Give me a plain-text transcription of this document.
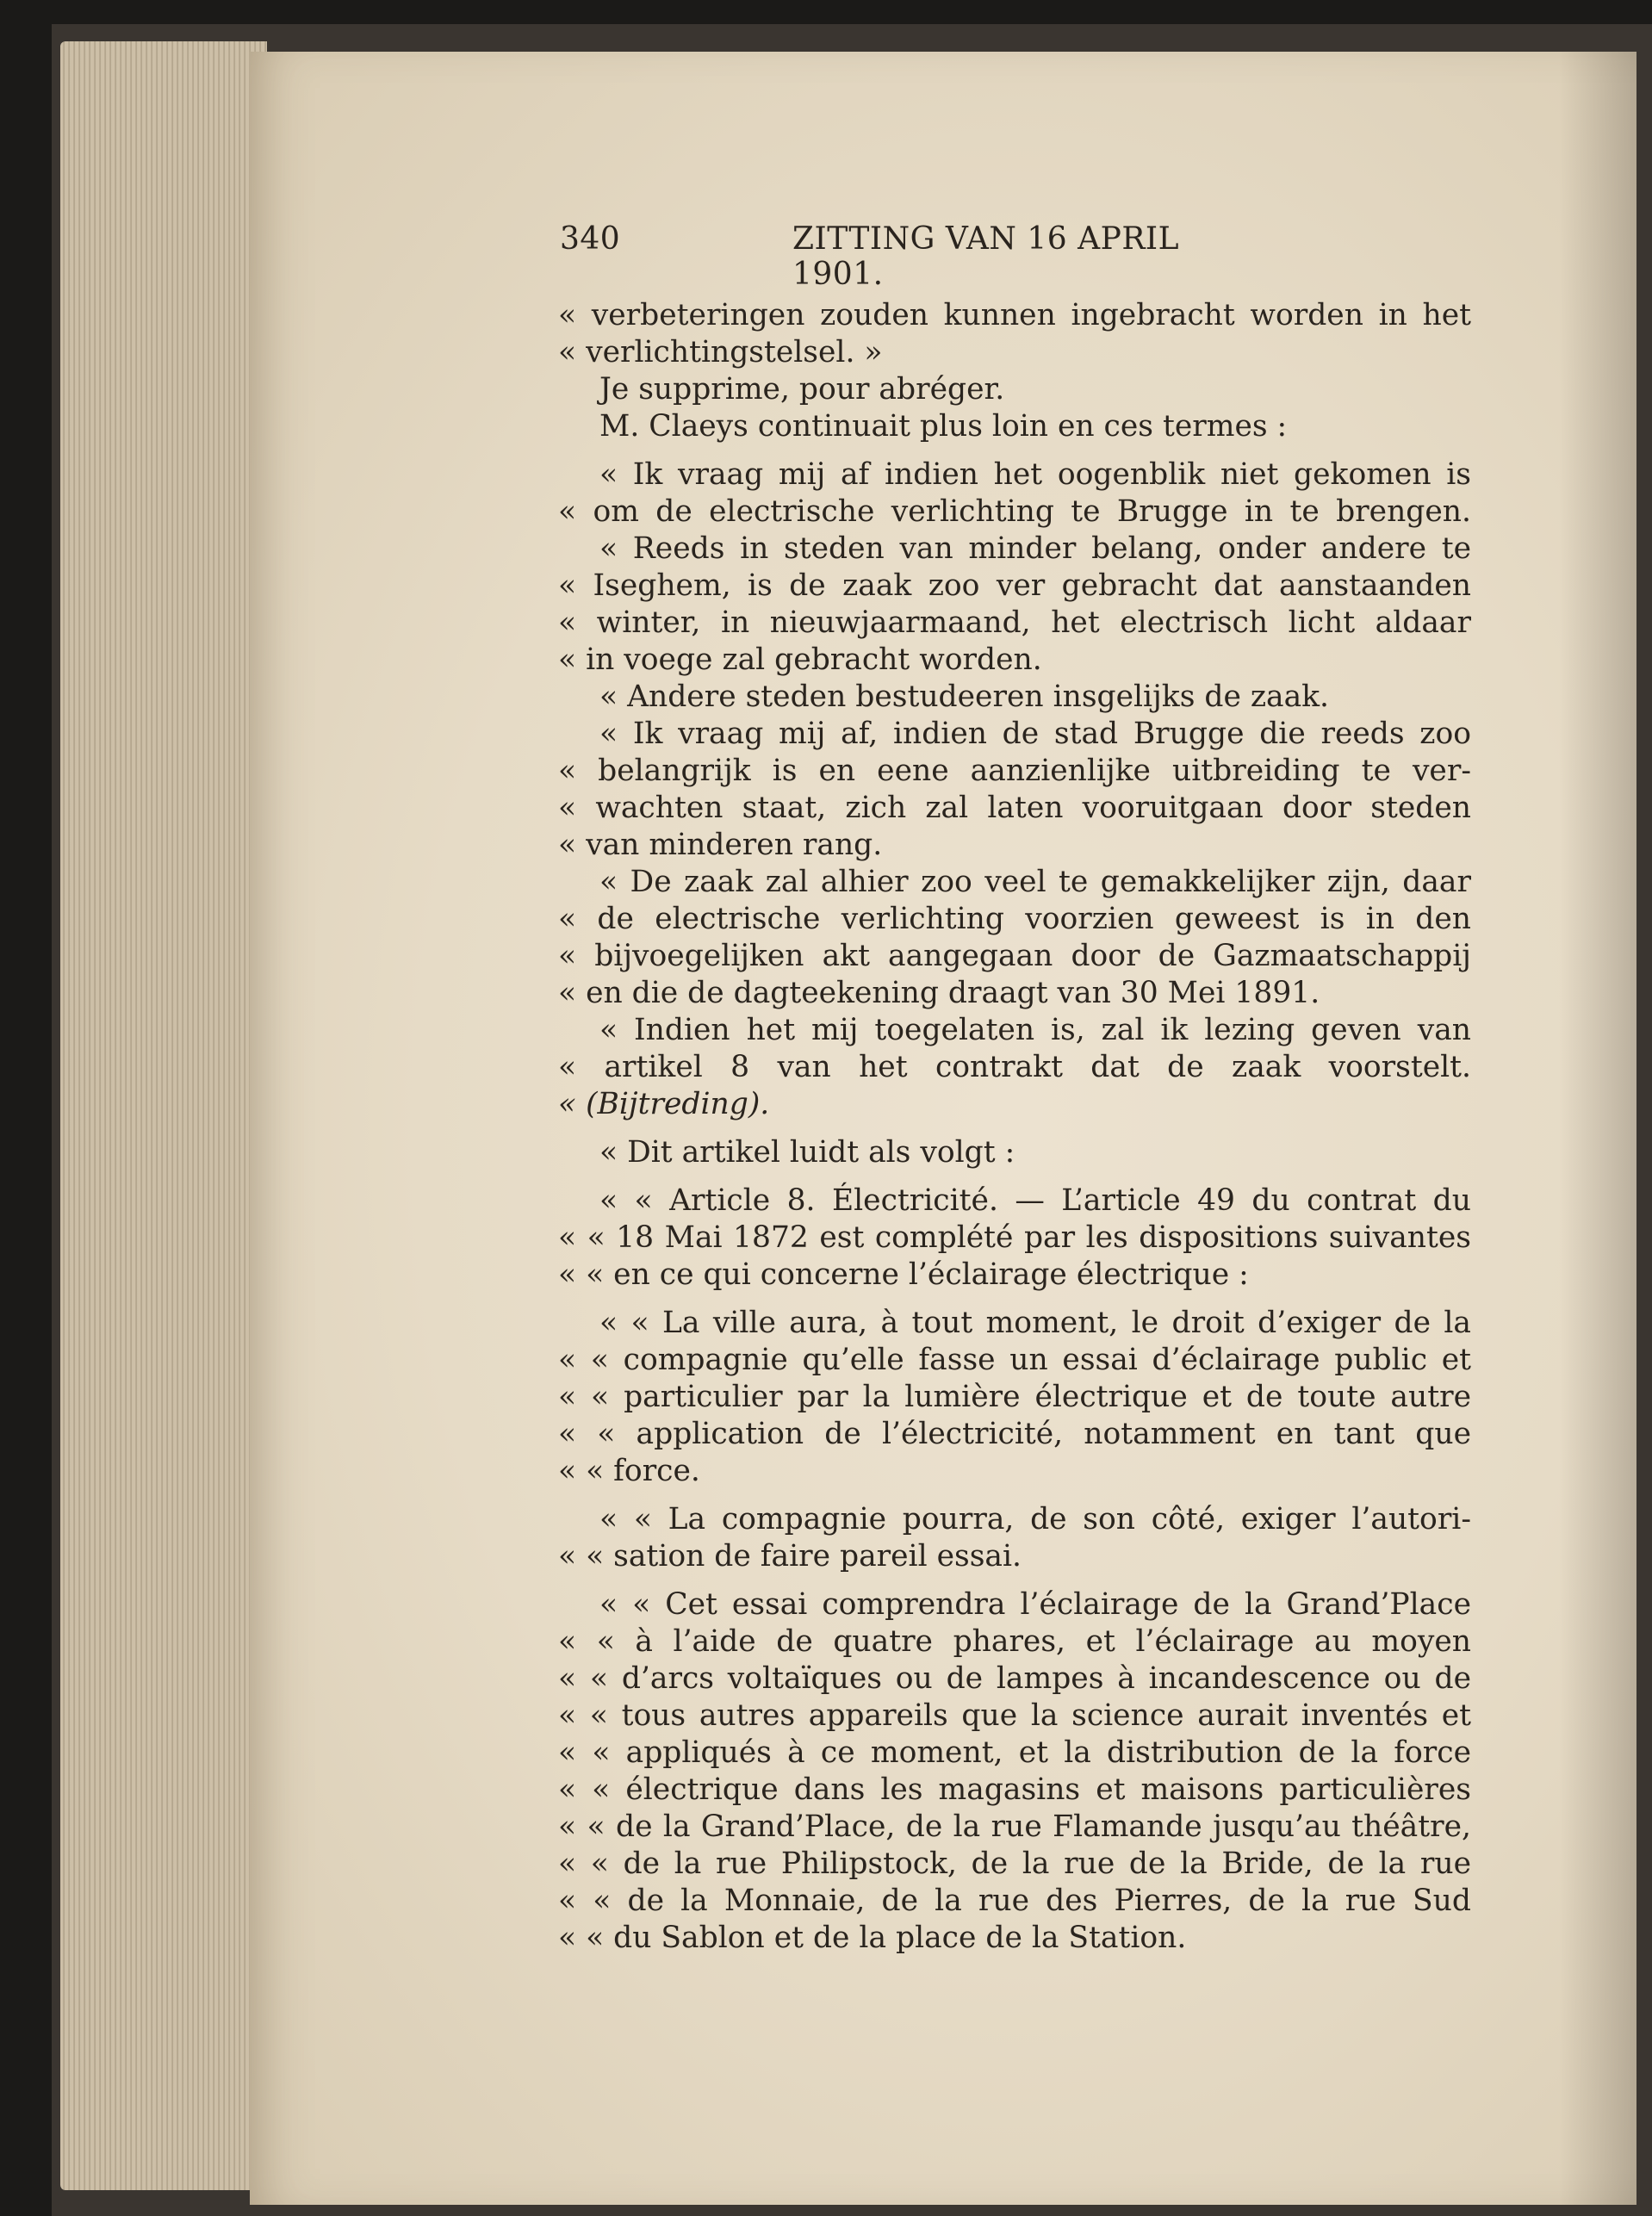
340	ZITTING VAN 16 APRIL 1901.
« verbeteringen zouden kunnen ingebracht worden in het
« verlichtingstelsel. »
Je supprime, pour abréger.
M. Claeys continuait plus loin en ces termes :
« Ik vraag mij af indien het oogenblik niet gekomen is
« om de electrische verlichting te Brugge in te brengen.
« Reeds in steden van minder belang, onder andere te
« Iseghem, is de zaak zoo ver gebracht dat aanstaanden
« winter, in nieuwjaarmaand, het electrisch licht aldaar
« in voege zal gebracht worden.
« Andere steden bestudeeren insgelijks de zaak.
« Ik vraag mij af, indien de stad Brugge die reeds zoo
« belangrijk is en eene aanzienlijke uitbreiding te ver-
« wachten staat, zich zal laten vooruitgaan door steden
« van minderen rang.
« De zaak zal alhier zoo veel te gemakkelijker zijn, daar
« de electrische verlichting voorzien geweest is in den
« bijvoegelijken akt aangegaan door de Gazmaatschappij
« en die de dagteekening draagt van 30 Mei 1891.
« Indien het mij toegelaten is, zal ik lezing geven van
« artikel 8 van het contrakt dat de zaak voorstelt.
« (Bijtreding).
« Dit artikel luidt als volgt :
« « Article 8. Électricité. — L’article 49 du contrat du
« « 18 Mai 1872 est complété par les dispositions suivantes
« « en ce qui concerne l’éclairage électrique :
« « La ville aura, à tout moment, le droit d’exiger de la
« « compagnie qu’elle fasse un essai d’éclairage public et
« « particulier par la lumière électrique et de toute autre
« « application de l’électricité, notamment en tant que
« « force.
« « La compagnie pourra, de son côté, exiger l’autori-
« « sation de faire pareil essai.
« « Cet essai comprendra l’éclairage de la Grand’Place
« « à l’aide de quatre phares, et l’éclairage au moyen
« « d’arcs voltaïques ou de lampes à incandescence ou de
« « tous autres appareils que la science aurait inventés et
« « appliqués à ce moment, et la distribution de la force
« « électrique dans les magasins et maisons particulières
« « de la Grand’Place, de la rue Flamande jusqu’au théâtre,
« « de la rue Philipstock, de la rue de la Bride, de la rue
« « de la Monnaie, de la rue des Pierres, de la rue Sud
« « du Sablon et de la place de la Station.
